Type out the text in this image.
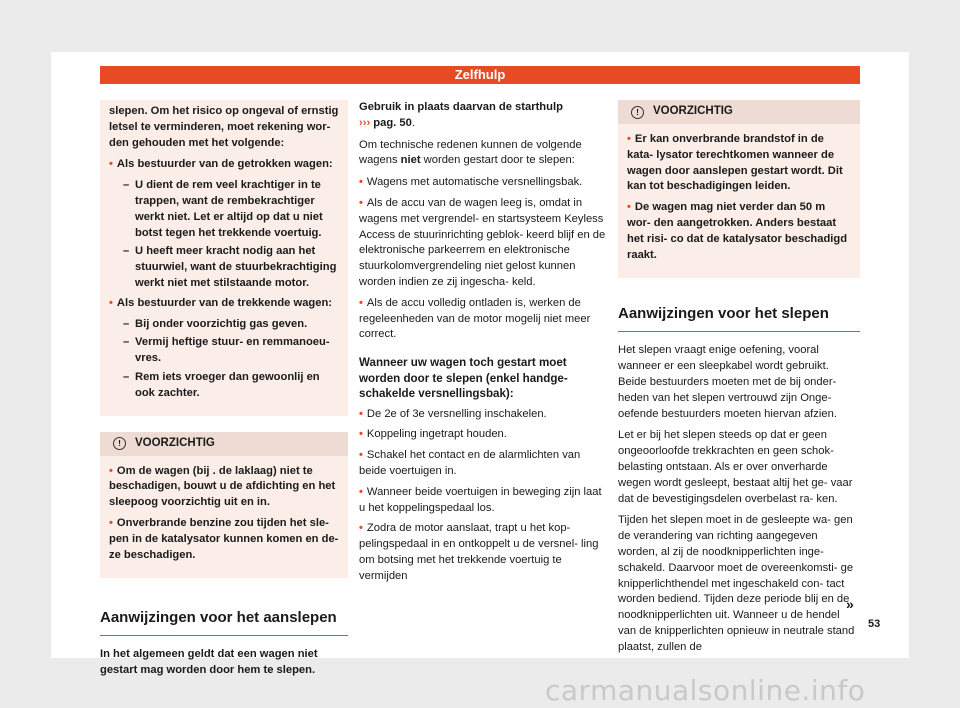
Zelfhulp

slepen. Om het risico op ongeval of ernstig letsel te verminderen, moet rekening wor- den gehouden met het volgende:

• Als bestuurder van de getrokken wagen:
– U dient de rem veel krachtiger in te trappen, want de rembekrachtiger werkt niet. Let er altijd op dat u niet botst tegen het trekkende voertuig.
– U heeft meer kracht nodig aan het stuurwiel, want de stuurbekrachtiging werkt niet met stilstaande motor.
• Als bestuurder van de trekkende wagen:
– Bij onder voorzichtig gas geven.
– Vermij heftige stuur- en remmanoeu- vres.
– Rem iets vroeger dan gewoonlij en ook zachter.
!	VOORZICHTIG
• Om de wagen (bij . de laklaag) niet te beschadigen, bouwt u de afdichting en het sleepoog voorzichtig uit en in.
• Onverbrande benzine zou tijden het sle- pen in de katalysator kunnen komen en de- ze beschadigen.
Aanwijzingen voor het aanslepen

In het algemeen geldt dat een wagen niet gestart mag worden door hem te slepen.

Gebruik in plaats daarvan de starthulp
››› pag. 50.

Om technische redenen kunnen de volgende wagens niet worden gestart door te slepen:

• Wagens met automatische versnellingsbak.
• Als de accu van de wagen leeg is, omdat in wagens met vergrendel- en startsysteem Keyless Access de stuurinrichting geblok- keerd blijf en de elektronische parkeerrem en elektronische stuurkolomvergrendeling niet gelost kunnen worden indien ze zij ingescha- keld.
• Als de accu volledig ontladen is, werken de regeleenheden van de motor mogelij niet meer correct.
Wanneer uw wagen toch gestart moet worden door te slepen (enkel handge- schakelde versnellingsbak):
• De 2e of 3e versnelling inschakelen.
• Koppeling ingetrapt houden.
• Schakel het contact en de alarmlichten van beide voertuigen in.
• Wanneer beide voertuigen in beweging zijn laat u het koppelingspedaal los.
• Zodra de motor aanslaat, trapt u het kop- pelingspedaal in en ontkoppelt u de versnel- ling om botsing met het trekkende voertuig te vermijden
!	VOORZICHTIG
• Er kan onverbrande brandstof in de kata- lysator terechtkomen wanneer de wagen door aanslepen gestart wordt. Dit kan tot beschadigingen leiden.
• De wagen mag niet verder dan 50 m wor- den aangetrokken. Anders bestaat het risi- co dat de katalysator beschadigd raakt.
Aanwijzingen voor het slepen

Het slepen vraagt enige oefening, vooral wanneer er een sleepkabel wordt gebruikt. Beide bestuurders moeten met de bij onder- heden van het slepen vertrouwd zijn Onge- oefende bestuurders moeten hiervan afzien.

Let er bij het slepen steeds op dat er geen ongeoorloofde trekkrachten en geen schok- belasting ontstaan. Als er over onverharde wegen wordt gesleept, bestaat altij het ge- vaar dat de bevestigingsdelen overbelast ra- ken.

Tijden het slepen moet in de gesleepte wa- gen de verandering van richting aangegeven worden, al zij de noodknipperlichten inge- schakeld. Daarvoor moet de overeenkomsti- ge knipperlichthendel met ingeschakeld con- tact worden bediend. Tijden deze periode blij en de noodknipperlichten uit. Wanneer u de hendel van de knipperlichten opnieuw in neutrale stand plaatst, zullen de

»
53
carmanualsonline.info
